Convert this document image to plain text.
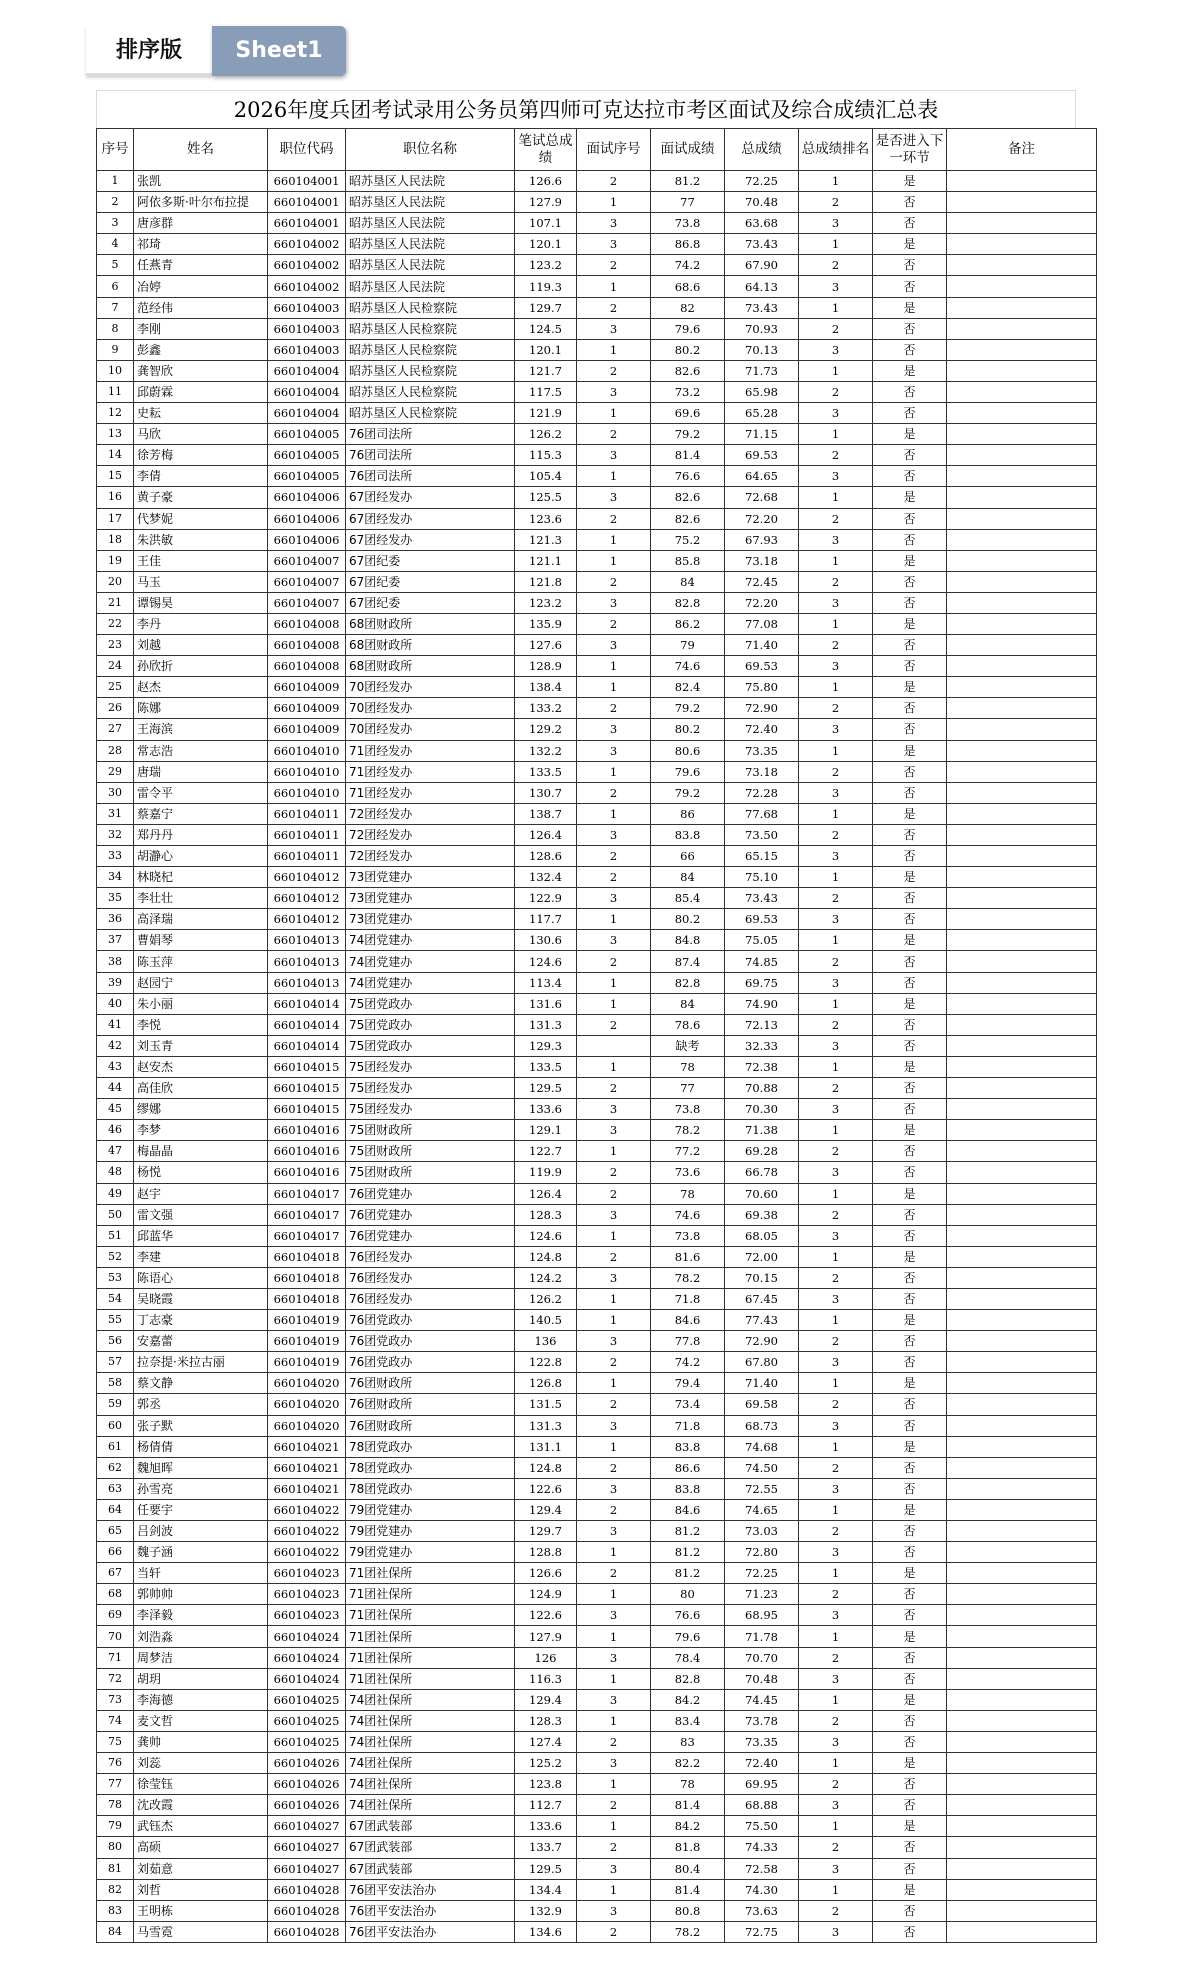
排序版	Sheet1
2026年度兵团考试录用公务员第四师可克达拉市考区面试及综合成绩汇总表
序号	姓名	职位代码	职位名称	笔试总成绩	面试序号	面试成绩	总成绩	总成绩排名	是否进入下一环节	备注
1	张凯	660104001	昭苏垦区人民法院	126.6	2	81.2	72.25	1	是	
2	阿依多斯·叶尔布拉提	660104001	昭苏垦区人民法院	127.9	1	77	70.48	2	否	
3	唐彦群	660104001	昭苏垦区人民法院	107.1	3	73.8	63.68	3	否	
4	祁琦	660104002	昭苏垦区人民法院	120.1	3	86.8	73.43	1	是	
5	任燕青	660104002	昭苏垦区人民法院	123.2	2	74.2	67.90	2	否	
6	冶婷	660104002	昭苏垦区人民法院	119.3	1	68.6	64.13	3	否	
7	范经伟	660104003	昭苏垦区人民检察院	129.7	2	82	73.43	1	是	
8	李刚	660104003	昭苏垦区人民检察院	124.5	3	79.6	70.93	2	否	
9	彭鑫	660104003	昭苏垦区人民检察院	120.1	1	80.2	70.13	3	否	
10	龚智欣	660104004	昭苏垦区人民检察院	121.7	2	82.6	71.73	1	是	
11	邱蔚霖	660104004	昭苏垦区人民检察院	117.5	3	73.2	65.98	2	否	
12	史耘	660104004	昭苏垦区人民检察院	121.9	1	69.6	65.28	3	否	
13	马欣	660104005	76团司法所	126.2	2	79.2	71.15	1	是	
14	徐芳梅	660104005	76团司法所	115.3	3	81.4	69.53	2	否	
15	李倩	660104005	76团司法所	105.4	1	76.6	64.65	3	否	
16	黄子豪	660104006	67团经发办	125.5	3	82.6	72.68	1	是	
17	代梦妮	660104006	67团经发办	123.6	2	82.6	72.20	2	否	
18	朱洪敏	660104006	67团经发办	121.3	1	75.2	67.93	3	否	
19	王佳	660104007	67团纪委	121.1	1	85.8	73.18	1	是	
20	马玉	660104007	67团纪委	121.8	2	84	72.45	2	否	
21	谭锡昊	660104007	67团纪委	123.2	3	82.8	72.20	3	否	
22	李丹	660104008	68团财政所	135.9	2	86.2	77.08	1	是	
23	刘越	660104008	68团财政所	127.6	3	79	71.40	2	否	
24	孙欣折	660104008	68团财政所	128.9	1	74.6	69.53	3	否	
25	赵杰	660104009	70团经发办	138.4	1	82.4	75.80	1	是	
26	陈娜	660104009	70团经发办	133.2	2	79.2	72.90	2	否	
27	王海滨	660104009	70团经发办	129.2	3	80.2	72.40	3	否	
28	常志浩	660104010	71团经发办	132.2	3	80.6	73.35	1	是	
29	唐瑞	660104010	71团经发办	133.5	1	79.6	73.18	2	否	
30	雷令平	660104010	71团经发办	130.7	2	79.2	72.28	3	否	
31	蔡嘉宁	660104011	72团经发办	138.7	1	86	77.68	1	是	
32	郑丹丹	660104011	72团经发办	126.4	3	83.8	73.50	2	否	
33	胡瀞心	660104011	72团经发办	128.6	2	66	65.15	3	否	
34	林晓杞	660104012	73团党建办	132.4	2	84	75.10	1	是	
35	李壮壮	660104012	73团党建办	122.9	3	85.4	73.43	2	否	
36	高泽瑞	660104012	73团党建办	117.7	1	80.2	69.53	3	否	
37	曹娟琴	660104013	74团党建办	130.6	3	84.8	75.05	1	是	
38	陈玉萍	660104013	74团党建办	124.6	2	87.4	74.85	2	否	
39	赵园宁	660104013	74团党建办	113.4	1	82.8	69.75	3	否	
40	朱小丽	660104014	75团党政办	131.6	1	84	74.90	1	是	
41	李悦	660104014	75团党政办	131.3	2	78.6	72.13	2	否	
42	刘玉青	660104014	75团党政办	129.3		缺考	32.33	3	否	
43	赵安杰	660104015	75团经发办	133.5	1	78	72.38	1	是	
44	高佳欣	660104015	75团经发办	129.5	2	77	70.88	2	否	
45	缪娜	660104015	75团经发办	133.6	3	73.8	70.30	3	否	
46	李梦	660104016	75团财政所	129.1	3	78.2	71.38	1	是	
47	梅晶晶	660104016	75团财政所	122.7	1	77.2	69.28	2	否	
48	杨悦	660104016	75团财政所	119.9	2	73.6	66.78	3	否	
49	赵宇	660104017	76团党建办	126.4	2	78	70.60	1	是	
50	雷文强	660104017	76团党建办	128.3	3	74.6	69.38	2	否	
51	邱蓝华	660104017	76团党建办	124.6	1	73.8	68.05	3	否	
52	李建	660104018	76团经发办	124.8	2	81.6	72.00	1	是	
53	陈语心	660104018	76团经发办	124.2	3	78.2	70.15	2	否	
54	吴晓霞	660104018	76团经发办	126.2	1	71.8	67.45	3	否	
55	丁志豪	660104019	76团党政办	140.5	1	84.6	77.43	1	是	
56	安嘉蕾	660104019	76团党政办	136	3	77.8	72.90	2	否	
57	拉奈提·米拉古丽	660104019	76团党政办	122.8	2	74.2	67.80	3	否	
58	蔡文静	660104020	76团财政所	126.8	1	79.4	71.40	1	是	
59	郭丞	660104020	76团财政所	131.5	2	73.4	69.58	2	否	
60	张子默	660104020	76团财政所	131.3	3	71.8	68.73	3	否	
61	杨倩倩	660104021	78团党政办	131.1	1	83.8	74.68	1	是	
62	魏旭晖	660104021	78团党政办	124.8	2	86.6	74.50	2	否	
63	孙雪亮	660104021	78团党政办	122.6	3	83.8	72.55	3	否	
64	任要宇	660104022	79团党建办	129.4	2	84.6	74.65	1	是	
65	吕剑波	660104022	79团党建办	129.7	3	81.2	73.03	2	否	
66	魏子涵	660104022	79团党建办	128.8	1	81.2	72.80	3	否	
67	当轩	660104023	71团社保所	126.6	2	81.2	72.25	1	是	
68	郭帅帅	660104023	71团社保所	124.9	1	80	71.23	2	否	
69	李泽毅	660104023	71团社保所	122.6	3	76.6	68.95	3	否	
70	刘浩淼	660104024	71团社保所	127.9	1	79.6	71.78	1	是	
71	周梦洁	660104024	71团社保所	126	3	78.4	70.70	2	否	
72	胡玥	660104024	71团社保所	116.3	1	82.8	70.48	3	否	
73	李海德	660104025	74团社保所	129.4	3	84.2	74.45	1	是	
74	麦文哲	660104025	74团社保所	128.3	1	83.4	73.78	2	否	
75	龚帅	660104025	74团社保所	127.4	2	83	73.35	3	否	
76	刘蕊	660104026	74团社保所	125.2	3	82.2	72.40	1	是	
77	徐莹钰	660104026	74团社保所	123.8	1	78	69.95	2	否	
78	沈改霞	660104026	74团社保所	112.7	2	81.4	68.88	3	否	
79	武钰杰	660104027	67团武装部	133.6	1	84.2	75.50	1	是	
80	高硕	660104027	67团武装部	133.7	2	81.8	74.33	2	否	
81	刘茹意	660104027	67团武装部	129.5	3	80.4	72.58	3	否	
82	刘哲	660104028	76团平安法治办	134.4	1	81.4	74.30	1	是	
83	王明栋	660104028	76团平安法治办	132.9	3	80.8	73.63	2	否	
84	马雪霓	660104028	76团平安法治办	134.6	2	78.2	72.75	3	否	
